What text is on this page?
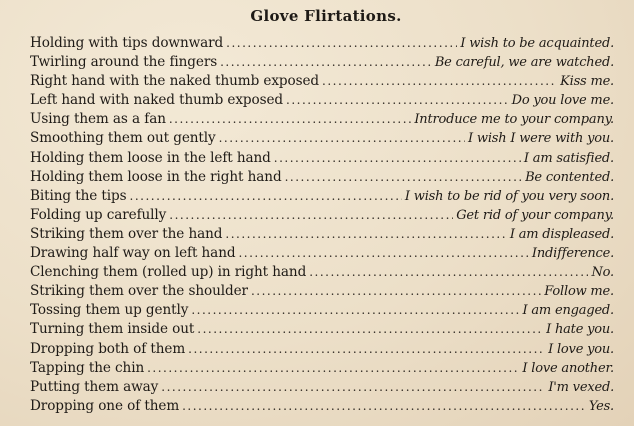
Glove Flirtations.
Holding with tips downward .....	I wish to be acquainted.
Twirling around the fingers .....	Be careful, we are watched.
Right hand with the naked thumb exposed .....	Kiss me.
Left hand with naked thumb exposed .....	Do you love me.
Using them as a fan .....	Introduce me to your company.
Smoothing them out gently .....	I wish I were with you.
Holding them loose in the left hand .....	I am satisfied.
Holding them loose in the right hand .....	Be contented.
Biting the tips .....	I wish to be rid of you very soon.
Folding up carefully .....	Get rid of your company.
Striking them over the hand .....	I am displeased.
Drawing half way on left hand .....	Indifference.
Clenching them (rolled up) in right hand .....	No.
Striking them over the shoulder .....	Follow me.
Tossing them up gently .....	I am engaged.
Turning them inside out .....	I hate you.
Dropping both of them .....	I love you.
Tapping the chin .....	I love another.
Putting them away .....	I'm vexed.
Dropping one of them .....	Yes.
